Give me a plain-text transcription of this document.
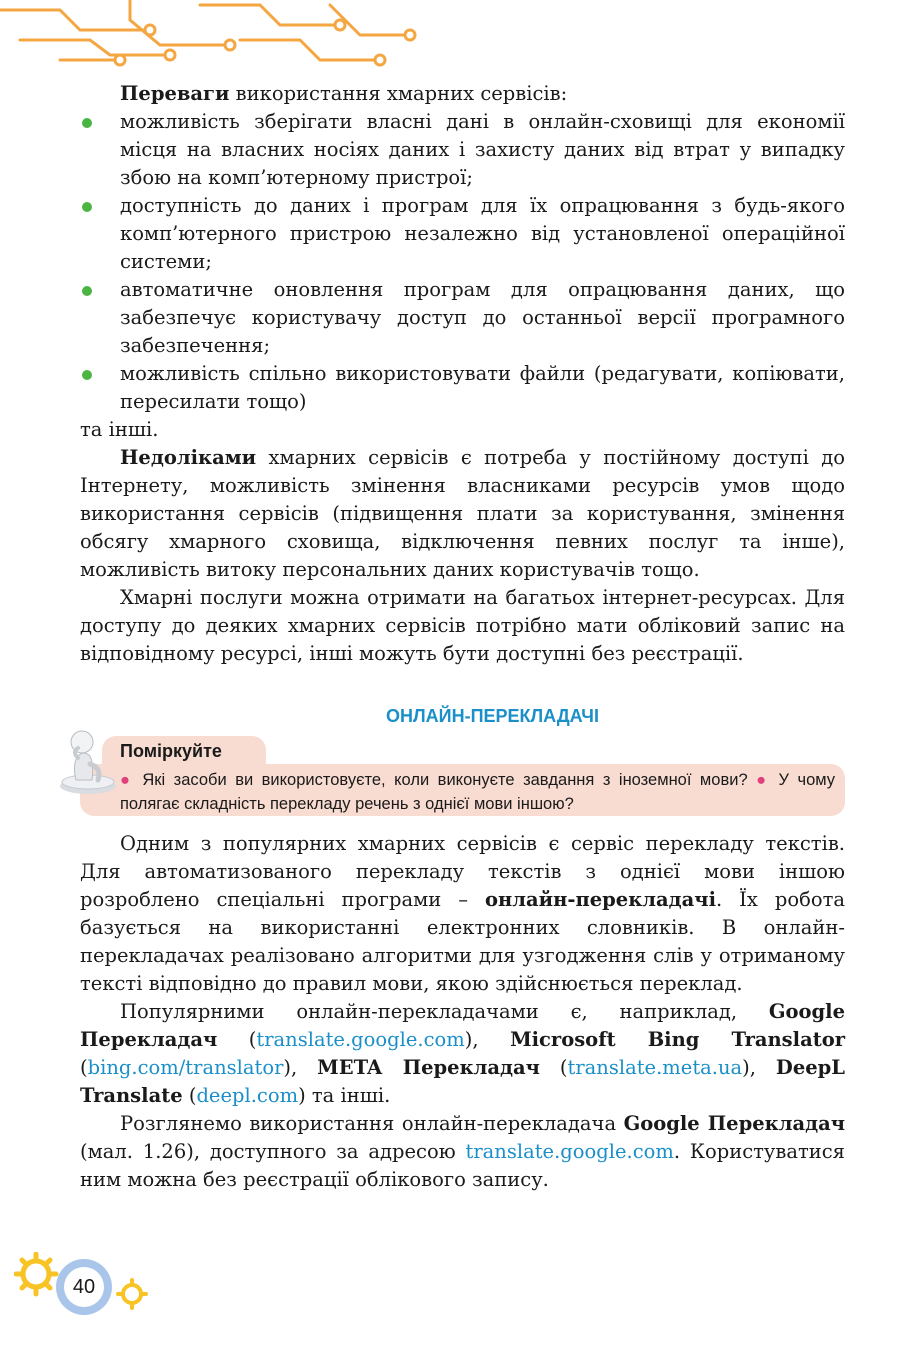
Переваги використання хмарних сервісів:

можливість зберігати власні дані в онлайн-сховищі для економії місця на власних носіях даних і захисту даних від втрат у випадку збою на комп’ютерному пристрої;
доступність до даних і програм для їх опрацювання з будь-якого комп’ютерного пристрою незалежно від установленої операційної системи;
автоматичне оновлення програм для опрацювання даних, що забезпечує користувачу доступ до останньої версії програмного забезпечення;
можливість спільно використовувати файли (редагувати, копіювати, пересилати тощо)

та інші.

Недоліками хмарних сервісів є потреба у постійному доступі до Інтернету, можливість змінення власниками ресурсів умов щодо використання сервісів (підвищення плати за користування, змінення обсягу хмарного сховища, відключення певних послуг та інше), можливість витоку персональних даних користувачів тощо.

Хмарні послуги можна отримати на багатьох інтернет-ресурсах. Для доступу до деяких хмарних сервісів потрібно мати обліковий запис на відповідному ресурсі, інші можуть бути доступні без реєстрації.

ОНЛАЙН-ПЕРЕКЛАДАЧІ
● Які засоби ви використовуєте, коли виконуєте завдання з іноземної мови? ● У чому полягає складність перекладу речень з однієї мови іншою?
Поміркуйте

Одним з популярних хмарних сервісів є сервіс перекладу текстів. Для автоматизованого перекладу текстів з однієї мови іншою розроблено спеціальні програми – онлайн-перекладачі. Їх робота базується на використанні електронних словників. В онлайн-перекладачах реалізовано алгоритми для узгодження слів у отриманому тексті відповідно до правил мови, якою здійснюється переклад.

Популярними онлайн-перекладачами є, наприклад, Google Перекладач (translate.google.com), Microsoft Bing Translator (bing.com/translator), META Перекладач (translate.meta.ua), DeepL Translate (deepl.com) та інші.

Розглянемо використання онлайн-перекладача Google Перекладач (мал. 1.26), доступного за адресою translate.google.com. Користуватися ним можна без реєстрації облікового запису.

40
